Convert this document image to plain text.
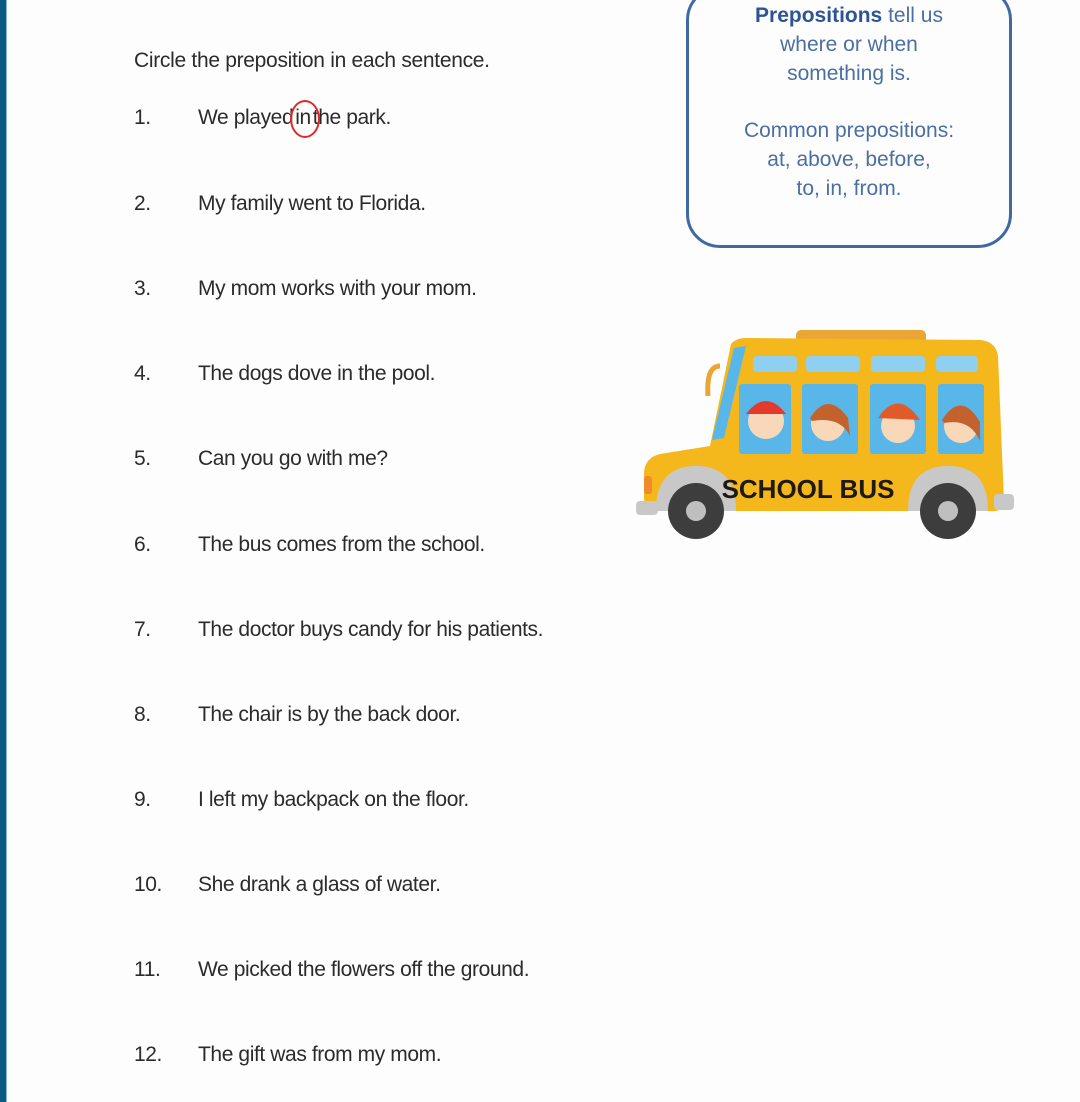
Circle the preposition in each sentence.
1. We playedinthe park.
2. My family went to Florida.
3. My mom works with your mom.
4. The dogs dove in the pool.
5. Can you go with me?
6. The bus comes from the school.
7. The doctor buys candy for his patients.
8. The chair is by the back door.
9. I left my backpack on the floor.
10. She drank a glass of water.
11. We picked the flowers off the ground.
12. The gift was from my mom.
Prepositions tell us
where or when
something is.
Common prepositions:
at, above, before,
to, in, from.
SCHOOL BUS
